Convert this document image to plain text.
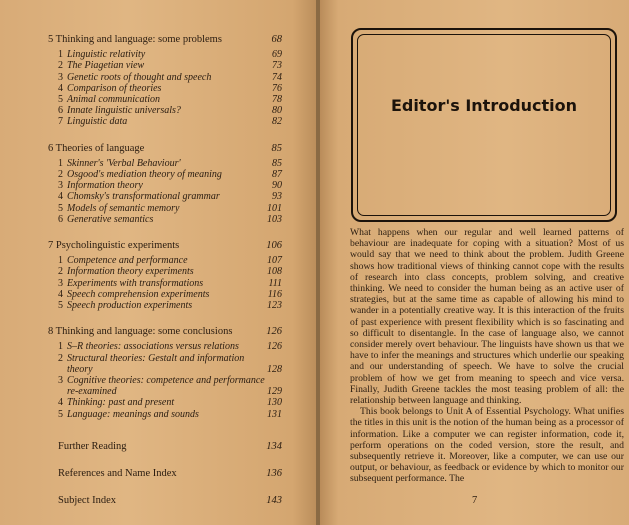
5 Thinking and language: some problems	68
1 Linguistic relativity	69
2 The Piagetian view	73
3 Genetic roots of thought and speech	74
4 Comparison of theories	76
5 Animal communication	78
6 Innate linguistic universals?	80
7 Linguistic data	82
6 Theories of language	85
1 Skinner's 'Verbal Behaviour'	85
2 Osgood's mediation theory of meaning	87
3 Information theory	90
4 Chomsky's transformational grammar	93
5 Models of semantic memory	101
6 Generative semantics	103
7 Psycholinguistic experiments	106
1 Competence and performance	107
2 Information theory experiments	108
3 Experiments with transformations	111
4 Speech comprehension experiments	116
5 Speech production experiments	123
8 Thinking and language: some conclusions	126
1 S–R theories: associations versus relations	126
2 Structural theories: Gestalt and information theory	128
3 Cognitive theories: competence and performance re-examined	129
4 Thinking: past and present	130
5 Language: meanings and sounds	131
Further Reading	134
References and Name Index	136
Subject Index	143
Editor's Introduction

What happens when our regular and well learned patterns of behaviour are inadequate for coping with a situation? Most of us would say that we need to think about the problem. Judith Greene shows how traditional views of thinking cannot cope with the results of research into class concepts, problem solving, and creative thinking. We need to consider the human being as an active user of strategies, but at the same time as capable of allowing his mind to wander in a potentially creative way. It is this interaction of the fruits of past experience with present flexibility which is so fascinating and so difficult to disentangle. In the case of language also, we cannot consider merely overt behaviour. The linguists have shown us that we have to infer the meanings and structures which underlie our speaking and our understanding of speech. We have to solve the crucial problem of how we get from meaning to speech and vice versa. Finally, Judith Greene tackles the most teasing problem of all: the relationship between language and thinking.

This book belongs to Unit A of Essential Psychology. What unifies the titles in this unit is the notion of the human being as a processor of information. Like a computer we can register information, code it, perform operations on the coded version, store the result, and subsequently retrieve it. Moreover, like a computer, we can use our output, or behaviour, as feedback or evidence by which to monitor our subsequent performance. The

7
